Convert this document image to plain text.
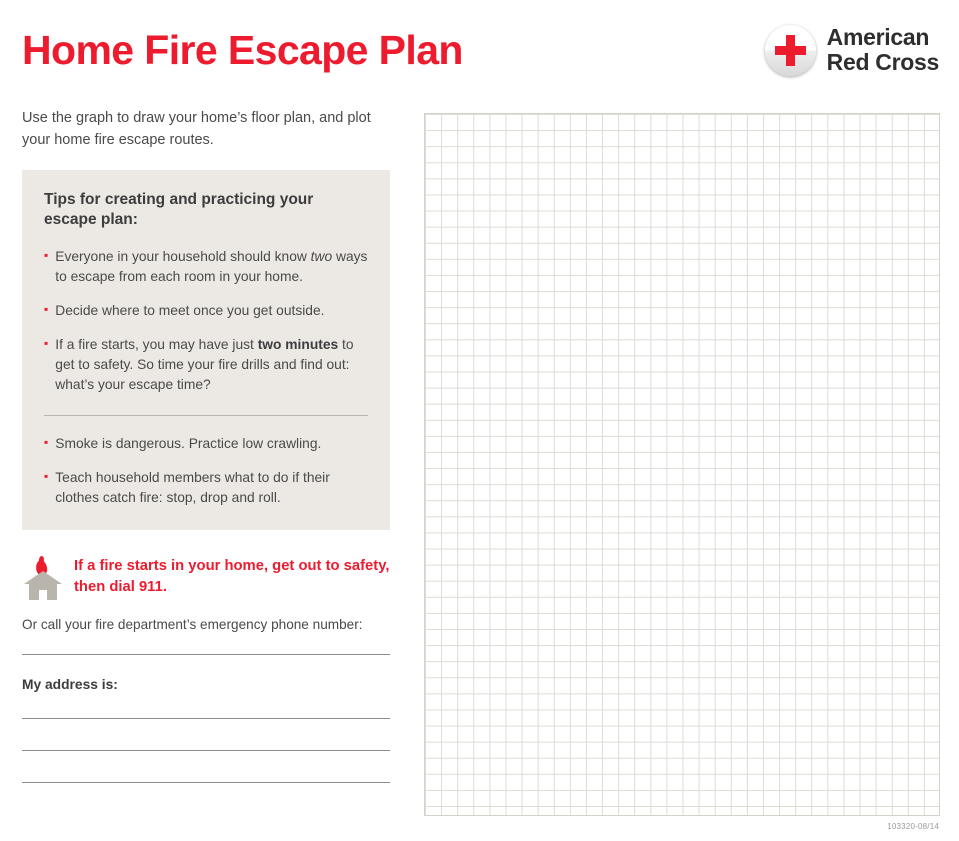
Home Fire Escape Plan	American
Red Cross

Use the graph to draw your home’s floor plan, and plot your home fire escape routes.

Tips for creating and practicing your escape plan:
▪ Everyone in your household should know two ways to escape from each room in your home.
▪ Decide where to meet once you get outside.
▪ If a fire starts, you may have just two minutes to get to safety. So time your fire drills and find out: what’s your escape time?
▪ Smoke is dangerous. Practice low crawling.
▪ Teach household members what to do if their clothes catch fire: stop, drop and roll.
If a fire starts in your home, get out to safety, then dial 911.
Or call your fire department’s emergency phone number:
My address is:
103320-08/14
